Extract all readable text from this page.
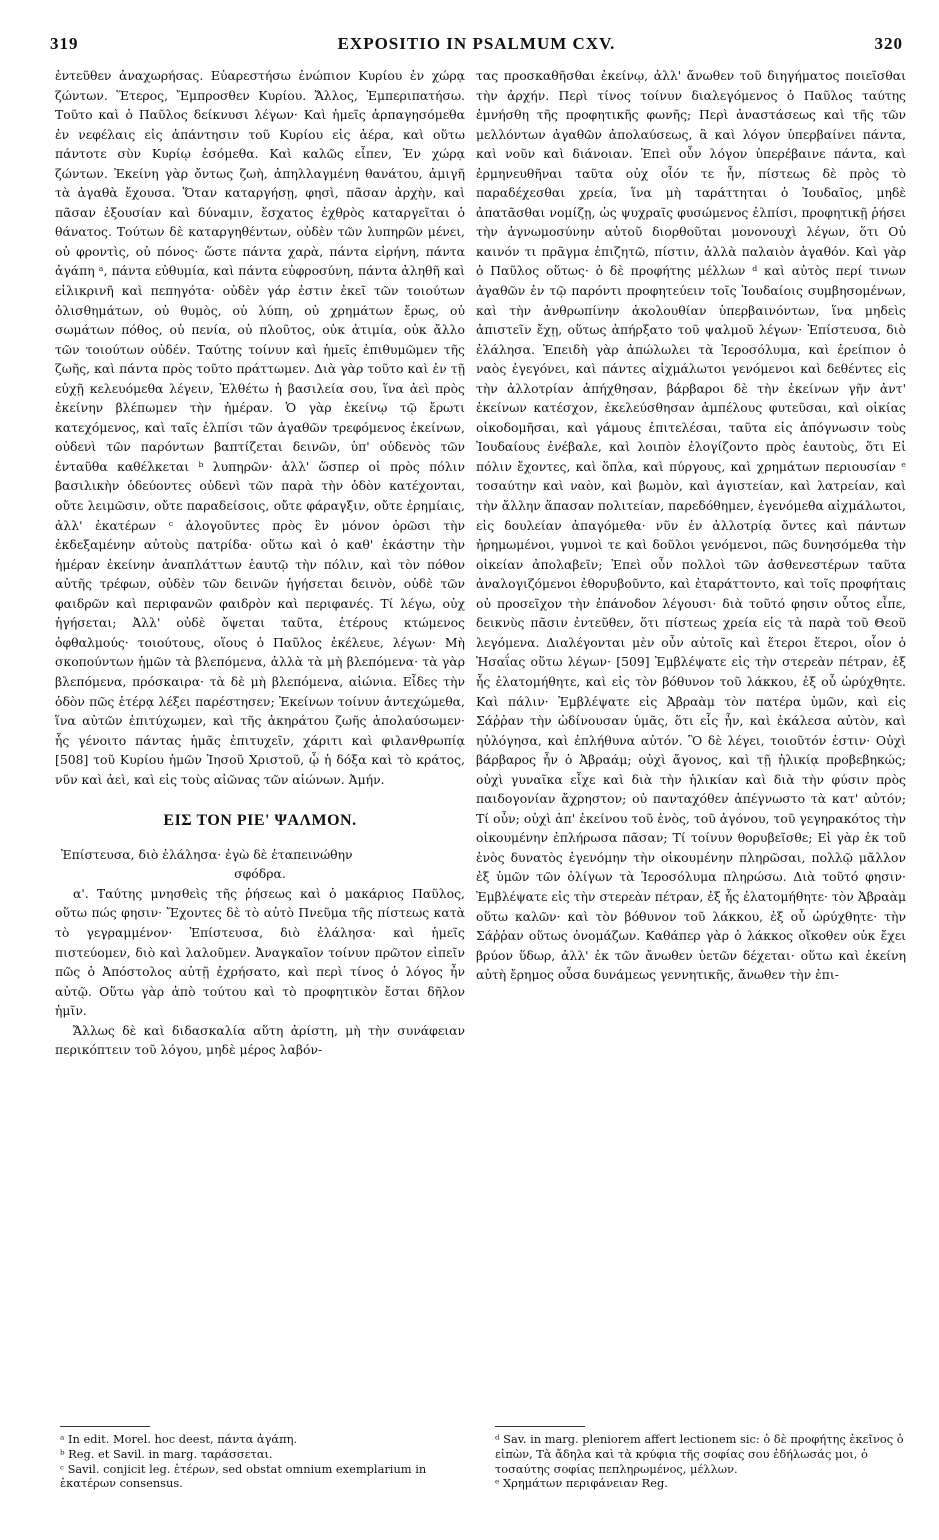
319	EXPOSITIO IN PSALMUM CXV.	320

ἐντεῦθεν ἀναχωρήσας. Εὐαρεστήσω ἐνώπιον Κυρίου ἐν χώρᾳ ζώντων. Ἕτερος, Ἔμπροσθεν Κυρίου. Ἄλλος, Ἐμπεριπατήσω. Τοῦτο καὶ ὁ Παῦλος δείκνυσι λέγων· Καὶ ἡμεῖς ἁρπαγησόμεθα ἐν νεφέλαις εἰς ἀπάντησιν τοῦ Κυρίου εἰς ἀέρα, καὶ οὕτω πάντοτε σὺν Κυρίῳ ἐσόμεθα. Καὶ καλῶς εἶπεν, Ἐν χώρᾳ ζώντων. Ἐκείνη γὰρ ὄντως ζωὴ, ἀπηλλαγμένη θανάτου, ἀμιγῆ τὰ ἀγαθὰ ἔχουσα. Ὅταν καταργήσῃ, φησὶ, πᾶσαν ἀρχὴν, καὶ πᾶσαν ἐξουσίαν καὶ δύναμιν, ἔσχατος ἐχθρὸς καταργεῖται ὁ θάνατος. Τούτων δὲ καταργηθέντων, οὐδὲν τῶν λυπηρῶν μένει, οὐ φροντὶς, οὐ πόνος· ὥστε πάντα χαρὰ, πάντα εἰρήνη, πάντα ἀγάπη ᵃ, πάντα εὐθυμία, καὶ πάντα εὐφροσύνη, πάντα ἀληθῆ καὶ εἰλικρινῆ καὶ πεπηγότα· οὐδὲν γάρ ἐστιν ἐκεῖ τῶν τοιούτων ὀλισθημάτων, οὐ θυμὸς, οὐ λύπη, οὐ χρημάτων ἔρως, οὐ σωμάτων πόθος, οὐ πενία, οὐ πλοῦτος, οὐκ ἀτιμία, οὐκ ἄλλο τῶν τοιούτων οὐδέν. Ταύτης τοίνυν καὶ ἡμεῖς ἐπιθυμῶμεν τῆς ζωῆς, καὶ πάντα πρὸς τοῦτο πράττωμεν. Διὰ γὰρ τοῦτο καὶ ἐν τῇ εὐχῇ κελευόμεθα λέγειν, Ἐλθέτω ἡ βασιλεία σου, ἵνα ἀεὶ πρὸς ἐκείνην βλέπωμεν τὴν ἡμέραν. Ὁ γὰρ ἐκείνῳ τῷ ἔρωτι κατεχόμενος, καὶ ταῖς ἐλπίσι τῶν ἀγαθῶν τρεφόμενος ἐκείνων, οὐδενὶ τῶν παρόντων βαπτίζεται δεινῶν, ὑπ' οὐδενὸς τῶν ἐνταῦθα καθέλκεται ᵇ λυπηρῶν· ἀλλ' ὥσπερ οἱ πρὸς πόλιν βασιλικὴν ὁδεύοντες οὐδενὶ τῶν παρὰ τὴν ὁδὸν κατέχονται, οὔτε λειμῶσιν, οὔτε παραδείσοις, οὔτε φάραγξιν, οὔτε ἐρημίαις, ἀλλ' ἑκατέρων ᶜ ἀλογοῦντες πρὸς ἓν μόνον ὁρῶσι τὴν ἐκδεξαμένην αὐτοὺς πατρίδα· οὕτω καὶ ὁ καθ' ἑκάστην τὴν ἡμέραν ἐκείνην ἀναπλάττων ἑαυτῷ τὴν πόλιν, καὶ τὸν πόθον αὐτῆς τρέφων, οὐδὲν τῶν δεινῶν ἡγήσεται δεινὸν, οὐδὲ τῶν φαιδρῶν καὶ περιφανῶν φαιδρὸν καὶ περιφανές. Τί λέγω, οὐχ ἡγήσεται; Ἀλλ' οὐδὲ ὄψεται ταῦτα, ἑτέρους κτώμενος ὀφθαλμούς· τοιούτους, οἵους ὁ Παῦλος ἐκέλευε, λέγων· Μὴ σκοπούντων ἡμῶν τὰ βλεπόμενα, ἀλλὰ τὰ μὴ βλεπόμενα· τὰ γὰρ βλεπόμενα, πρόσκαιρα· τὰ δὲ μὴ βλεπόμενα, αἰώνια. Εἶδες τὴν ὁδὸν πῶς ἑτέρᾳ λέξει παρέστησεν; Ἐκείνων τοίνυν ἀντεχώμεθα, ἵνα αὐτῶν ἐπιτύχωμεν, καὶ τῆς ἀκηράτου ζωῆς ἀπολαύσωμεν· ἧς γένοιτο πάντας ἡμᾶς ἐπιτυχεῖν, χάριτι καὶ φιλανθρωπίᾳ [508] τοῦ Κυρίου ἡμῶν Ἰησοῦ Χριστοῦ, ᾧ ἡ δόξα καὶ τὸ κράτος, νῦν καὶ ἀεὶ, καὶ εἰς τοὺς αἰῶνας τῶν αἰώνων. Ἀμήν.

ΕΙΣ ΤΟΝ ΡΙΕ' ΨΑΛΜΟΝ.

Ἐπίστευσα, διὸ ἐλάλησα· ἐγὼ δὲ ἐταπεινώθην

σφόδρα.

α'. Ταύτης μνησθεὶς τῆς ῥήσεως καὶ ὁ μακάριος Παῦλος, οὕτω πώς φησιν· Ἔχοντες δὲ τὸ αὐτὸ Πνεῦμα τῆς πίστεως κατὰ τὸ γεγραμμένον· Ἐπίστευσα, διὸ ἐλάλησα· καὶ ἡμεῖς πιστεύομεν, διὸ καὶ λαλοῦμεν. Ἀναγκαῖον τοίνυν πρῶτον εἰπεῖν πῶς ὁ Ἀπόστολος αὐτῇ ἐχρήσατο, καὶ περὶ τίνος ὁ λόγος ἦν αὐτῷ. Οὕτω γὰρ ἀπὸ τούτου καὶ τὸ προφητικὸν ἔσται δῆλον ἡμῖν.

Ἄλλως δὲ καὶ διδασκαλία αὕτη ἀρίστη, μὴ τὴν συνάφειαν περικόπτειν τοῦ λόγου, μηδὲ μέρος λαβόν-

τας προσκαθῆσθαι ἐκείνῳ, ἀλλ' ἄνωθεν τοῦ διηγήματος ποιεῖσθαι τὴν ἀρχήν. Περὶ τίνος τοίνυν διαλεγόμενος ὁ Παῦλος ταύτης ἐμνήσθη τῆς προφητικῆς φωνῆς; Περὶ ἀναστάσεως καὶ τῆς τῶν μελλόντων ἀγαθῶν ἀπολαύσεως, ἃ καὶ λόγον ὑπερβαίνει πάντα, καὶ νοῦν καὶ διάνοιαν. Ἐπεὶ οὖν λόγον ὑπερέβαινε πάντα, καὶ ἑρμηνευθῆναι ταῦτα οὐχ οἷόν τε ἦν, πίστεως δὲ πρὸς τὸ παραδέχεσθαι χρεία, ἵνα μὴ ταράττηται ὁ Ἰουδαῖος, μηδὲ ἀπατᾶσθαι νομίζῃ, ὡς ψυχραῖς φυσώμενος ἐλπίσι, προφητικῇ ῥήσει τὴν ἀγνωμοσύνην αὐτοῦ διορθοῦται μονονουχὶ λέγων, ὅτι Οὐ καινόν τι πρᾶγμα ἐπιζητῶ, πίστιν, ἀλλὰ παλαιὸν ἀγαθόν. Καὶ γὰρ ὁ Παῦλος οὕτως· ὁ δὲ προφήτης μέλλων ᵈ καὶ αὐτὸς περί τινων ἀγαθῶν ἐν τῷ παρόντι προφητεύειν τοῖς Ἰουδαίοις συμβησομένων, καὶ τὴν ἀνθρωπίνην ἀκολουθίαν ὑπερβαινόντων, ἵνα μηδεὶς ἀπιστεῖν ἔχῃ, οὕτως ἀπήρξατο τοῦ ψαλμοῦ λέγων· Ἐπίστευσα, διὸ ἐλάλησα. Ἐπειδὴ γὰρ ἀπώλωλει τὰ Ἱεροσόλυμα, καὶ ἐρείπιον ὁ ναὸς ἐγεγόνει, καὶ πάντες αἰχμάλωτοι γενόμενοι καὶ δεθέντες εἰς τὴν ἀλλοτρίαν ἀπήχθησαν, βάρβαροι δὲ τὴν ἐκείνων γῆν ἀντ' ἐκείνων κατέσχον, ἐκελεύσθησαν ἀμπέλους φυτεῦσαι, καὶ οἰκίας οἰκοδομῆσαι, καὶ γάμους ἐπιτελέσαι, ταῦτα εἰς ἀπόγνωσιν τοὺς Ἰουδαίους ἐνέβαλε, καὶ λοιπὸν ἐλογίζοντο πρὸς ἑαυτοὺς, ὅτι Εἰ πόλιν ἔχοντες, καὶ ὅπλα, καὶ πύργους, καὶ χρημάτων περιουσίαν ᵉ τοσαύτην καὶ ναὸν, καὶ βωμὸν, καὶ ἁγιστείαν, καὶ λατρείαν, καὶ τὴν ἄλλην ἅπασαν πολιτείαν, παρεδόθημεν, ἐγενόμεθα αἰχμάλωτοι, εἰς δουλείαν ἀπαγόμεθα· νῦν ἐν ἀλλοτρίᾳ ὄντες καὶ πάντων ἠρημωμένοι, γυμνοὶ τε καὶ δοῦλοι γενόμενοι, πῶς δυνησόμεθα τὴν οἰκείαν ἀπολαβεῖν; Ἐπεὶ οὖν πολλοὶ τῶν ἀσθενεστέρων ταῦτα ἀναλογιζόμενοι ἐθορυβοῦντο, καὶ ἐταράττοντο, καὶ τοῖς προφήταις οὐ προσεῖχον τὴν ἐπάνοδον λέγουσι· διὰ τοῦτό φησιν οὗτος εἶπε, δεικνὺς πᾶσιν ἐντεῦθεν, ὅτι πίστεως χρεία εἰς τὰ παρὰ τοῦ Θεοῦ λεγόμενα. Διαλέγονται μὲν οὖν αὐτοῖς καὶ ἕτεροι ἕτεροι, οἷον ὁ Ἡσαΐας οὕτω λέγων· [509] Ἐμβλέψατε εἰς τὴν στερεὰν πέτραν, ἐξ ἧς ἐλατομήθητε, καὶ εἰς τὸν βόθυνον τοῦ λάκκου, ἐξ οὗ ὠρύχθητε. Καὶ πάλιν· Ἐμβλέψατε εἰς Ἀβραὰμ τὸν πατέρα ὑμῶν, καὶ εἰς Σάῤῥαν τὴν ὠδίνουσαν ὑμᾶς, ὅτι εἷς ἦν, καὶ ἐκάλεσα αὐτὸν, καὶ ηὐλόγησα, καὶ ἐπλήθυνα αὐτόν. Ὃ δὲ λέγει, τοιοῦτόν ἐστιν· Οὐχὶ βάρβαρος ἦν ὁ Ἀβραάμ; οὐχὶ ἄγονος, καὶ τῇ ἡλικίᾳ προβεβηκώς; οὐχὶ γυναῖκα εἶχε καὶ διὰ τὴν ἡλικίαν καὶ διὰ τὴν φύσιν πρὸς παιδογονίαν ἄχρηστον; οὐ πανταχόθεν ἀπέγνωστο τὰ κατ' αὐτόν; Τί οὖν; οὐχὶ ἀπ' ἐκείνου τοῦ ἑνὸς, τοῦ ἀγόνου, τοῦ γεγηρακότος τὴν οἰκουμένην ἐπλήρωσα πᾶσαν; Τί τοίνυν θορυβεῖσθε; Εἰ γὰρ ἐκ τοῦ ἑνὸς δυνατὸς ἐγενόμην τὴν οἰκουμένην πληρῶσαι, πολλῷ μᾶλλον ἐξ ὑμῶν τῶν ὀλίγων τὰ Ἱεροσόλυμα πληρώσω. Διὰ τοῦτό φησιν· Ἐμβλέψατε εἰς τὴν στερεὰν πέτραν, ἐξ ἧς ἐλατομήθητε· τὸν Ἀβραὰμ οὕτω καλῶν· καὶ τὸν βόθυνον τοῦ λάκκου, ἐξ οὗ ὠρύχθητε· τὴν Σάῤῥαν οὕτως ὀνομάζων. Καθάπερ γὰρ ὁ λάκκος οἴκοθεν οὐκ ἔχει βρύον ὕδωρ, ἀλλ' ἐκ τῶν ἄνωθεν ὑετῶν δέχεται· οὕτω καὶ ἐκείνη αὐτὴ ἔρημος οὖσα δυνάμεως γεννητικῆς, ἄνωθεν τὴν ἐπι-

ᵃ In edit. Morel. hoc deest, πάντα ἀγάπη.

ᵇ Reg. et Savil. in marg. ταράσσεται.

ᶜ Savil. conjicit leg. ἑτέρων, sed obstat omnium exemplarium in ἑκατέρων consensus.

ᵈ Sav. in marg. pleniorem affert lectionem sic: ὁ δὲ προφήτης ἐκεῖνος ὁ εἰπὼν, Τὰ ἄδηλα καὶ τὰ κρύφια τῆς σοφίας σου ἐδήλωσάς μοι, ὁ τοσαύτης σοφίας πεπληρωμένος, μέλλων.

ᵉ Χρημάτων περιφάνειαν Reg.
